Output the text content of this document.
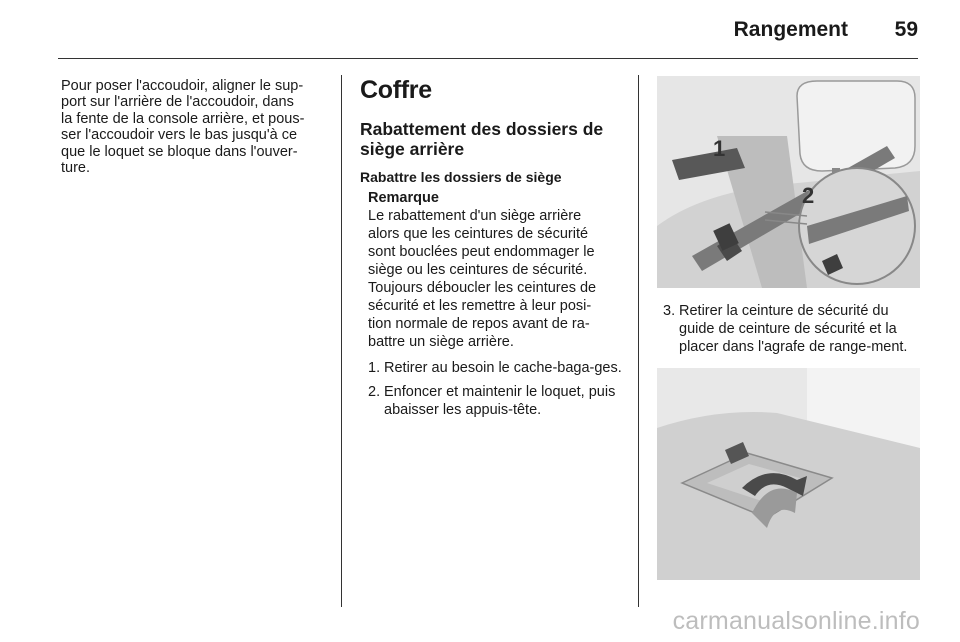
Rangement 59
Pour poser l'accoudoir, aligner le sup-
port sur l'arrière de l'accoudoir, dans
la fente de la console arrière, et pous-
ser l'accoudoir vers le bas jusqu'à ce
que le loquet se bloque dans l'ouver-
ture.
Coffre
Rabattement des dossiers de siège arrière
Rabattre les dossiers de siège
Remarque
Le rabattement d'un siège arrière
alors que les ceintures de sécurité
sont bouclées peut endommager le
siège ou les ceintures de sécurité.
Toujours déboucler les ceintures de
sécurité et les remettre à leur posi-
tion normale de repos avant de ra-
battre un siège arrière.
1. Retirer au besoin le cache-baga-ges.
2. Enfoncer et maintenir le loquet, puis abaisser les appuis-tête.
3. Retirer la ceinture de sécurité du guide de ceinture de sécurité et la placer dans l'agrafe de range-ment.
1
2
carmanualsonline.info
